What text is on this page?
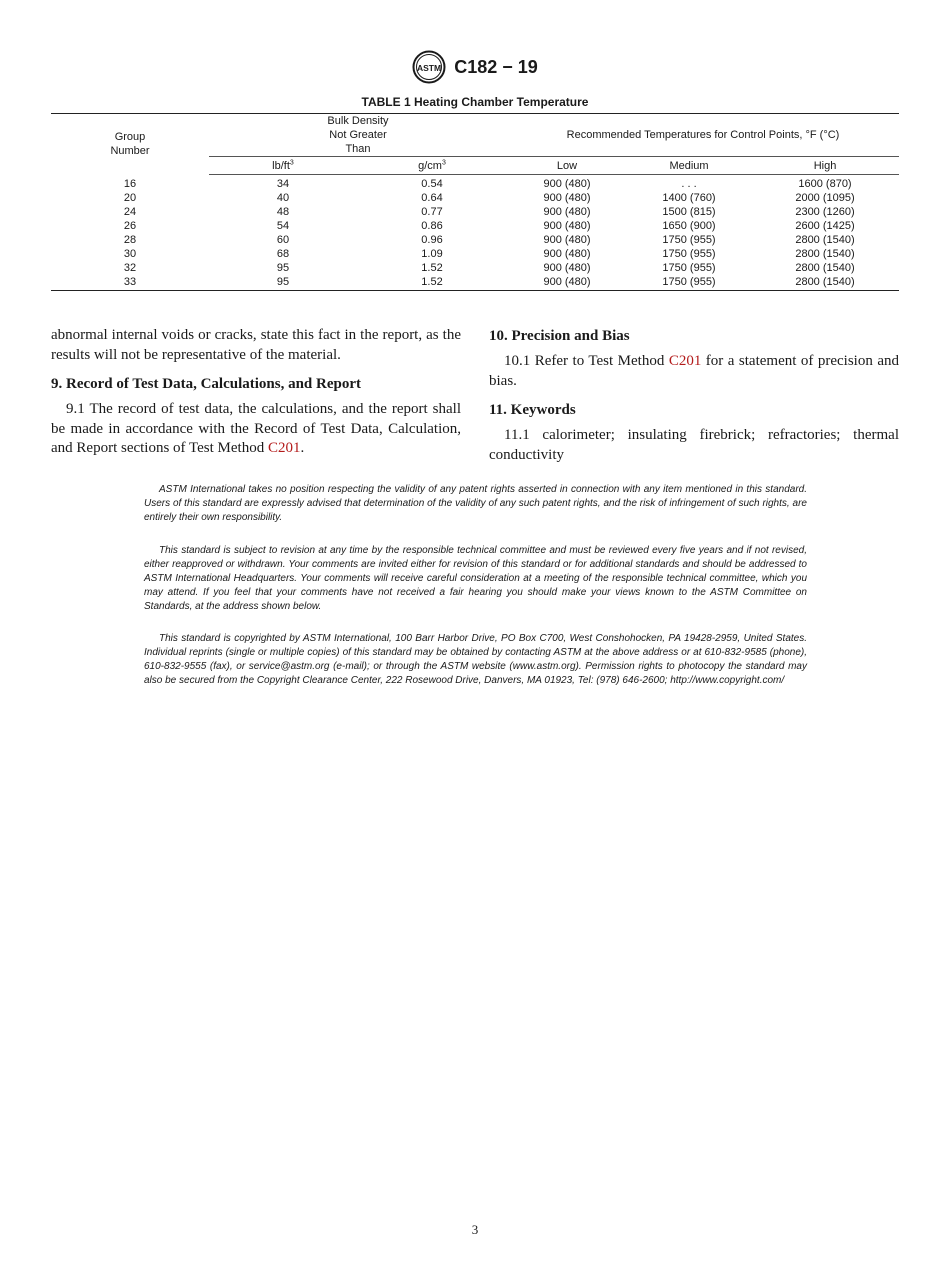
ASTM C182 − 19
TABLE 1 Heating Chamber Temperature
Group Number	Bulk Density Not Greater Than		Recommended Temperatures for Control Points, °F (°C)		
	$lb/ft^3$	$g/cm^3$	Low	Medium	High
16	34	0.54	900 (480)	. . .	1600 (870)
20	40	0.64	900 (480)	1400 (760)	2000 (1095)
24	48	0.77	900 (480)	1500 (815)	2300 (1260)
26	54	0.86	900 (480)	1650 (900)	2600 (1425)
28	60	0.96	900 (480)	1750 (955)	2800 (1540)
30	68	1.09	900 (480)	1750 (955)	2800 (1540)
32	95	1.52	900 (480)	1750 (955)	2800 (1540)
33	95	1.52	900 (480)	1750 (955)	2800 (1540)

abnormal internal voids or cracks, state this fact in the report, as the results will not be representative of the material.

9. Record of Test Data, Calculations, and Report

9.1 The record of test data, the calculations, and the report shall be made in accordance with the Record of Test Data, Calculation, and Report sections of Test Method C201.

10. Precision and Bias

10.1 Refer to Test Method C201 for a statement of precision and bias.

11. Keywords

11.1 calorimeter; insulating firebrick; refractories; thermal conductivity

ASTM International takes no position respecting the validity of any patent rights asserted in connection with any item mentioned in this standard. Users of this standard are expressly advised that determination of the validity of any such patent rights, and the risk of infringement of such rights, are entirely their own responsibility.

This standard is subject to revision at any time by the responsible technical committee and must be reviewed every five years and if not revised, either reapproved or withdrawn. Your comments are invited either for revision of this standard or for additional standards and should be addressed to ASTM International Headquarters. Your comments will receive careful consideration at a meeting of the responsible technical committee, which you may attend. If you feel that your comments have not received a fair hearing you should make your views known to the ASTM Committee on Standards, at the address shown below.

This standard is copyrighted by ASTM International, 100 Barr Harbor Drive, PO Box C700, West Conshohocken, PA 19428-2959, United States. Individual reprints (single or multiple copies) of this standard may be obtained by contacting ASTM at the above address or at 610-832-9585 (phone), 610-832-9555 (fax), or service@astm.org (e-mail); or through the ASTM website (www.astm.org). Permission rights to photocopy the standard may also be secured from the Copyright Clearance Center, 222 Rosewood Drive, Danvers, MA 01923, Tel: (978) 646-2600; http://www.copyright.com/

3
